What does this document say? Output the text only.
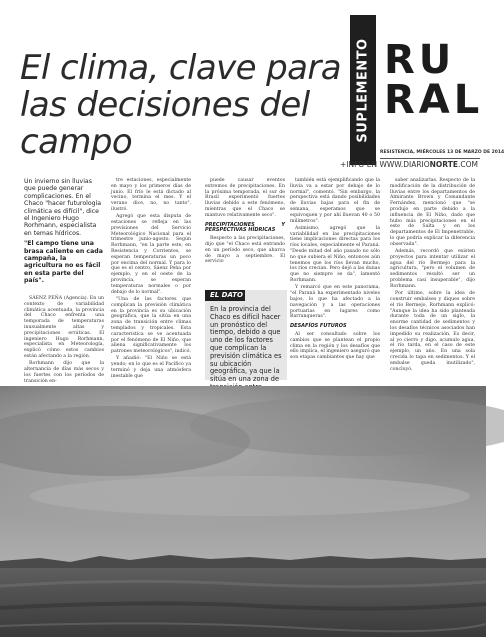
El clima, clave para las decisiones del campo	SUPLEMENTO RU
RAL
RESISTENCIA, MIÉRCOLES 13 DE MARZO DE 2014
+INFO EN WWW.DIARIONORTE.COM
Un invierno sin lluvias que puede generar complicaciones. En el Chaco "hacer futurología climática es difícil", dice el Ingeniero Hugo Rorhmann, especialista en temas hídricos.
"El campo tiene una brasa caliente en cada campaña, la agricultura no es fácil en esta parte del país".

SÁENZ PEÑA (Agencia). En un contexto de variabilidad climática acentuada, la provincia del Chaco enfrenta una temporada de temperaturas inusualmente altas y precipitaciones erráticas. El ingeniero Hugo Rorhmann, especialista en Meteorología, explicó cómo estos cambios están afectando a la región.

Rorhmann dijo que la alternancia de días más secos y los fuertes con los períodos de transición en-

tre estaciones, especialmente en mayo y los primeros días de junio. El frío le está dictado al vecino, termina el mes. Y el verano dice, no, no tanto", ilustró.

Agregó que esta disputa de estaciones se refleja en las previsiones del Servicio Meteorológico Nacional para el trimestre junio-agosto. Según Rorhmann, "en la parte este, en Resistencia y Corrientes, se esperan temperaturas un poco por encima del normal. Y para lo que es el centro, Sáenz Peña por ejemplo, y en el oeste de la provincia, se esperan temperaturas normales o por debajo de lo normal".

"Una de las factores que complican la previsión climática en la provincia es su ubicación geográfica, que la sitúa en una zona de transición entre climas templados y tropicales. Esta característica se ve acentuada por el fenómeno de El Niño, que aliena significativamente los patrones meteorológicos", indicó.

Y añadió: "El Niño se está yendo; en lo que es el Pacífico ya terminó y deja una atmósfera inestable que

puede causar eventos extremos de precipitaciones. En la próxima temporada, el sur de Brasil experimentó fuertes lluvias debido a este fenómeno, mientras que el Chaco se mantuvo relativamente seco".

PRECIPITACIONES Y PERSPECTIVAS HÍDRICAS

Respecto a las precipitaciones, dijo que "el Chaco está entrando en un período seco, que abarca de mayo a septiembre. El servicio

EL DATO
En la provincia del Chaco es difícil hacer un pronóstico del tiempo, debido a que uno de los factores que complican la previsión climática es su ubicación geográfica, ya que la sitúa en una zona de

también está ejemplificando que la lluvia va a estar por debajo de lo normal", comentó. "Sin embargo, la perspectiva está dando posibilidades de lluvias bajas para el fin de semana, esperamos que se equivoquen y por ahí lluevan 40 o 50 milímetros".

Asimismo, agregó que la variabilidad en las precipitaciones tiene implicaciones directas para los ríos locales, especialmente el Paraná. "Desde mitad del año pasado no sólo no que subiera el Niño, entonces aún tenemos que los ríos llevan mucho, los ríos crecían. Pero dejó a las dunas que no siempre se da", lamentó Rorhmann.

Y remarcó que en este panorama, "el Paraná ha experimentado niveles bajos, lo que ha afectado a la navegación y a las operaciones portuarias en lugares como Barranqueras".

DESAFÍOS FUTUROS

Al ser consultado sobre los cambios que se plantean el propio clima en la región y los desafíos que ello implica, el ingeniero aseguró que son etapas cambiantes que hay que

saber analizarlas. Respecto de la modificación de la distribución de lluvias entre los departamentos de Almirante Brown y Comandante Fernández, mencionó que "se produjo en parte debido a la influencia de El Niño, dado que hubo más precipitaciones en el este de Salta y en los departamentos de El Impenetrable, lo que podría explicar la diferencia observada".

Además, recordó que existen proyectos para intentar utilizar el agua del río Bermejo para la agricultura, "pero el volumen de sedimentos resultó ser un problema casi insuperable", dijo Rorhmann.

Por último, sobre la idea de construir embalses y diques sobre el río Bermejo, Rorhmann explicó: "Aunque la idea ha sido planteada durante toda de un siglo, la enorme cantidad de sedimentos y los desafíos técnicos asociados han impedido su realización. Es decir, al yo cierro y digo, acumulo agua, el río tarda, en el caso de este ejemplo, un año. En una sola crecida lo tapa en sedimentos. Y el embalse queda inutilizado", concluyó.
